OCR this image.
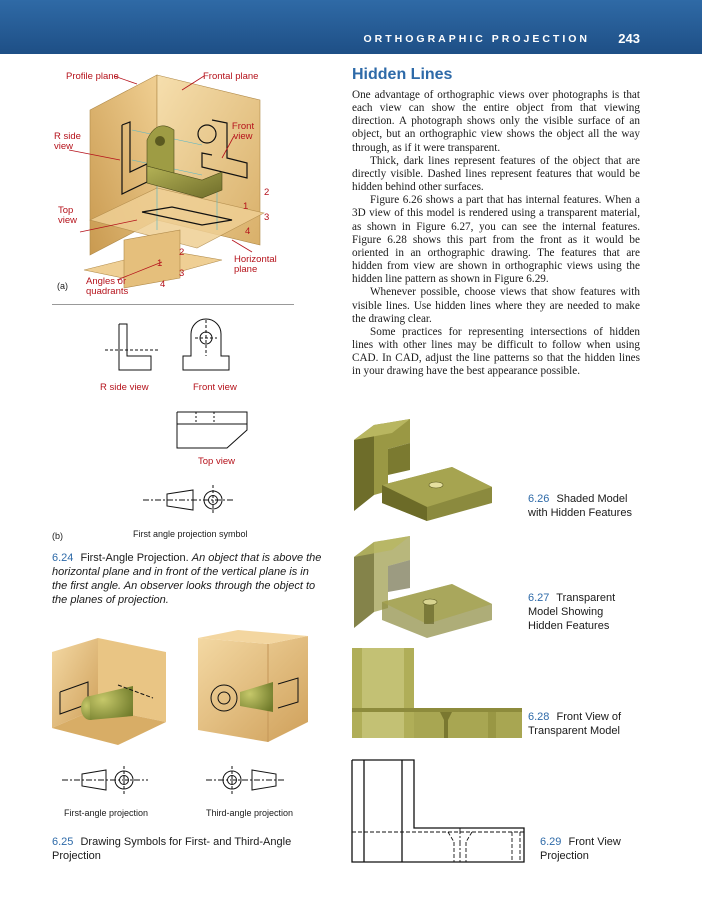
ORTHOGRAPHIC PROJECTION 243
Profile plane	Frontal plane
R side view
Front view
Top view
Horizontal plane
Angles or quadrants
(a)
1
2
3
4
1
2
3
4
R side view	Front view
Top view
First angle projection symbol
(b)
6.24 First-Angle Projection. An object that is above the horizontal plane and in front of the vertical plane is in the first angle. An observer looks through the object to the planes of projection.
First-angle projection	Third-angle projection
6.25 Drawing Symbols for First- and Third-Angle Projection
Hidden Lines

One advantage of orthographic views over photographs is that each view can show the entire object from that viewing direction. A photograph shows only the visible surface of an object, but an orthographic view shows the object all the way through, as if it were transparent.

Thick, dark lines represent features of the object that are directly visible. Dashed lines represent features that would be hidden behind other surfaces.

Figure 6.26 shows a part that has internal features. When a 3D view of this model is rendered using a transparent material, as shown in Figure 6.27, you can see the internal features. Figure 6.28 shows this part from the front as it would be oriented in an orthographic drawing. The features that are hidden from view are shown in orthographic views using the hidden line pattern as shown in Figure 6.29.

Whenever possible, choose views that show features with visible lines. Use hidden lines where they are needed to make the drawing clear.

Some practices for representing intersections of hidden lines with other lines may be difficult to follow when using CAD. In CAD, adjust the line patterns so that the hidden lines in your drawing have the best appearance possible.

6.26 Shaded Model with Hidden Features
6.27 Transparent Model Showing Hidden Features
6.28 Front View of Transparent Model
6.29 Front View Projection
